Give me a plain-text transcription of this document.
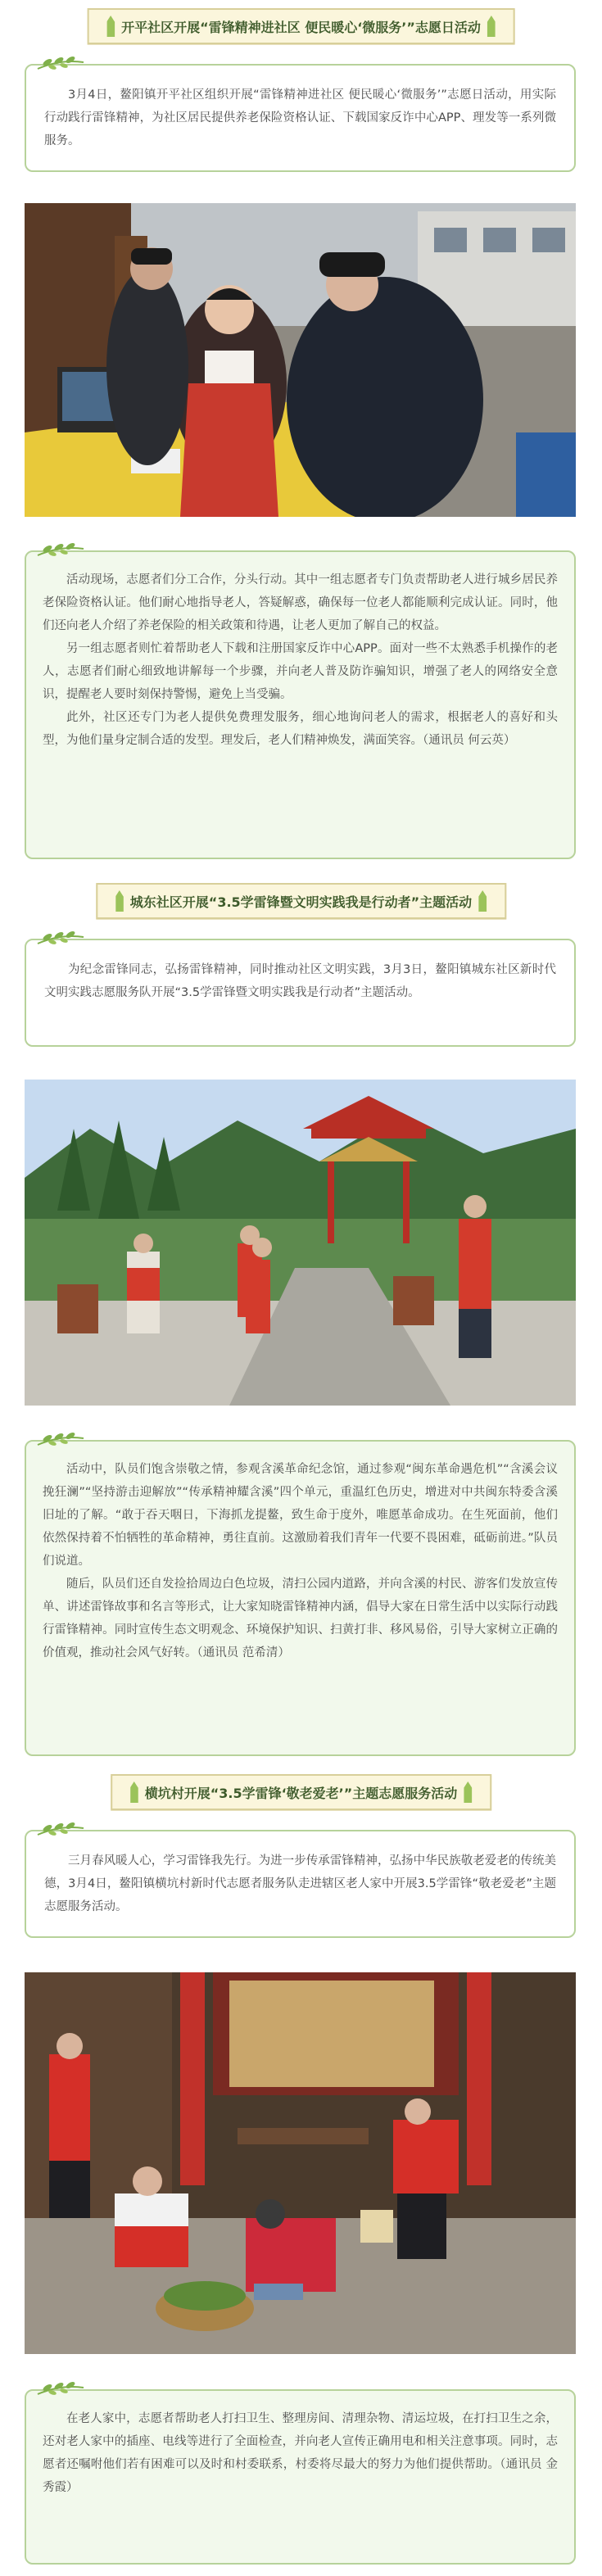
开平社区开展“雷锋精神进社区 便民暖心‘微服务’”志愿日活动

3月4日，鳌阳镇开平社区组织开展“雷锋精神进社区 便民暖心‘微服务’”志愿日活动，用实际行动践行雷锋精神，为社区居民提供养老保险资格认证、下载国家反诈中心APP、理发等一系列微服务。

活动现场，志愿者们分工合作，分头行动。其中一组志愿者专门负责帮助老人进行城乡居民养老保险资格认证。他们耐心地指导老人，答疑解惑，确保每一位老人都能顺利完成认证。同时，他们还向老人介绍了养老保险的相关政策和待遇，让老人更加了解自己的权益。

另一组志愿者则忙着帮助老人下载和注册国家反诈中心APP。面对一些不太熟悉手机操作的老人，志愿者们耐心细致地讲解每一个步骤，并向老人普及防诈骗知识，增强了老人的网络安全意识，提醒老人要时刻保持警惕，避免上当受骗。

此外，社区还专门为老人提供免费理发服务，细心地询问老人的需求，根据老人的喜好和头型，为他们量身定制合适的发型。理发后，老人们精神焕发，满面笑容。（通讯员 何云英）

城东社区开展“3.5学雷锋暨文明实践我是行动者”主题活动

为纪念雷锋同志，弘扬雷锋精神，同时推动社区文明实践，3月3日，鳌阳镇城东社区新时代文明实践志愿服务队开展“3.5学雷锋暨文明实践我是行动者”主题活动。

活动中，队员们饱含崇敬之情，参观含溪革命纪念馆，通过参观“闽东革命遇危机”“含溪会议挽狂澜”“坚持游击迎解放”“传承精神耀含溪”四个单元，重温红色历史，增进对中共闽东特委含溪旧址的了解。“敢于吞天咽日，下海抓龙提鳌，致生命于度外，唯愿革命成功。在生死面前，他们依然保持着不怕牺牲的革命精神，勇往直前。这激励着我们青年一代要不畏困难，砥砺前进。”队员们说道。

随后，队员们还自发捡拾周边白色垃圾，清扫公园内道路，并向含溪的村民、游客们发放宣传单、讲述雷锋故事和名言等形式，让大家知晓雷锋精神内涵，倡导大家在日常生活中以实际行动践行雷锋精神。同时宣传生态文明观念、环境保护知识、扫黄打非、移风易俗，引导大家树立正确的价值观，推动社会风气好转。（通讯员 范希清）

横坑村开展“3.5学雷锋‘敬老爱老’”主题志愿服务活动

三月春风暖人心，学习雷锋我先行。为进一步传承雷锋精神，弘扬中华民族敬老爱老的传统美德，3月4日，鳌阳镇横坑村新时代志愿者服务队走进辖区老人家中开展3.5学雷锋“敬老爱老”主题志愿服务活动。

在老人家中，志愿者帮助老人打扫卫生、整理房间、清理杂物、清运垃圾，在打扫卫生之余，还对老人家中的插座、电线等进行了全面检查，并向老人宣传正确用电和相关注意事项。同时，志愿者还嘱咐他们若有困难可以及时和村委联系，村委将尽最大的努力为他们提供帮助。（通讯员 金秀霞）
